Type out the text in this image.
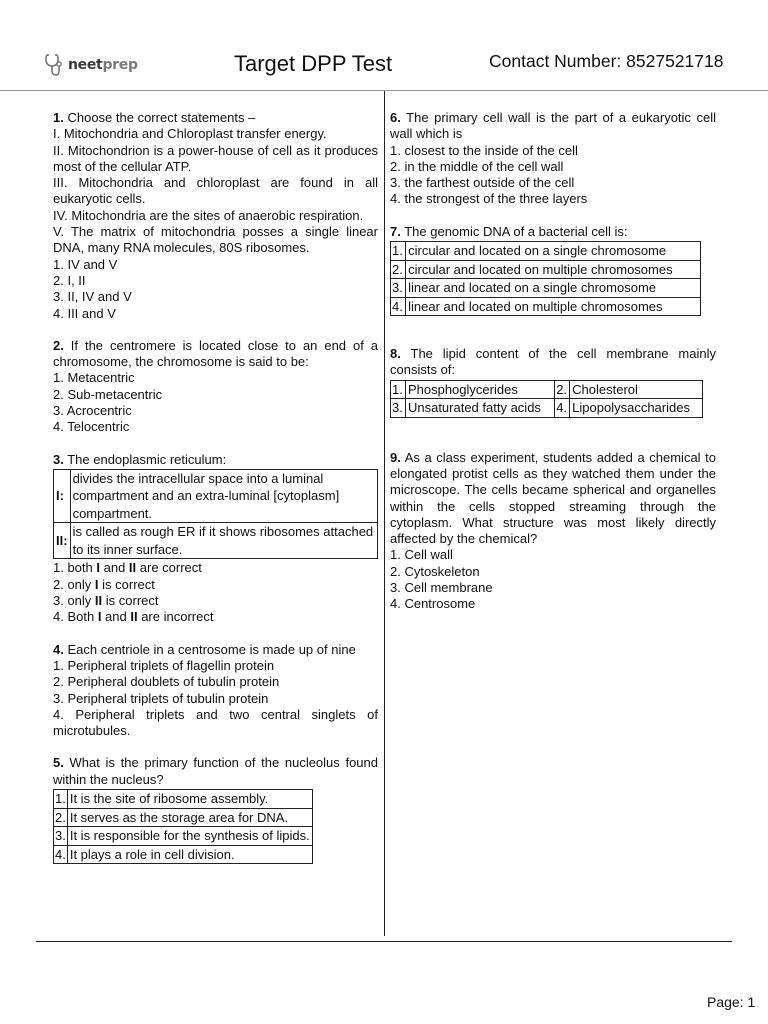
neetprep	Target DPP Test	Contact Number: 8527521718

1. Choose the correct statements –

I. Mitochondria and Chloroplast transfer energy.

II. Mitochondrion is a power-house of cell as it produces most of the cellular ATP.

III. Mitochondria and chloroplast are found in all eukaryotic cells.

IV. Mitochondria are the sites of anaerobic respiration.

V. The matrix of mitochondria posses a single linear DNA, many RNA molecules, 80S ribosomes.

1. IV and V

2. I, II

3. II, IV and V

4. III and V

2. If the centromere is located close to an end of a chromosome, the chromosome is said to be:

1. Metacentric

2. Sub-metacentric

3. Acrocentric

4. Telocentric

3. The endoplasmic reticulum:

I:	divides the intracellular space into a luminal compartment and an extra-luminal [cytoplasm] compartment.
II:	is called as rough ER if it shows ribosomes attached to its inner surface.

1. both I and II are correct

2. only I is correct

3. only II is correct

4. Both I and II are incorrect

4. Each centriole in a centrosome is made up of nine

1. Peripheral triplets of flagellin protein

2. Peripheral doublets of tubulin protein

3. Peripheral triplets of tubulin protein

4. Peripheral triplets and two central singlets of microtubules.

5. What is the primary function of the nucleolus found within the nucleus?

1.	It is the site of ribosome assembly.
2.	It serves as the storage area for DNA.
3.	It is responsible for the synthesis of lipids.
4.	It plays a role in cell division.

6. The primary cell wall is the part of a eukaryotic cell wall which is

1. closest to the inside of the cell

2. in the middle of the cell wall

3. the farthest outside of the cell

4. the strongest of the three layers

7. The genomic DNA of a bacterial cell is:

1.	circular and located on a single chromosome
2.	circular and located on multiple chromosomes
3.	linear and located on a single chromosome
4.	linear and located on multiple chromosomes

8. The lipid content of the cell membrane mainly consists of:

1.	Phosphoglycerides	2.	Cholesterol
3.	Unsaturated fatty acids	4.	Lipopolysaccharides

9. As a class experiment, students added a chemical to elongated protist cells as they watched them under the microscope. The cells became spherical and organelles within the cells stopped streaming through the cytoplasm. What structure was most likely directly affected by the chemical?

1. Cell wall

2. Cytoskeleton

3. Cell membrane

4. Centrosome

Page: 1
